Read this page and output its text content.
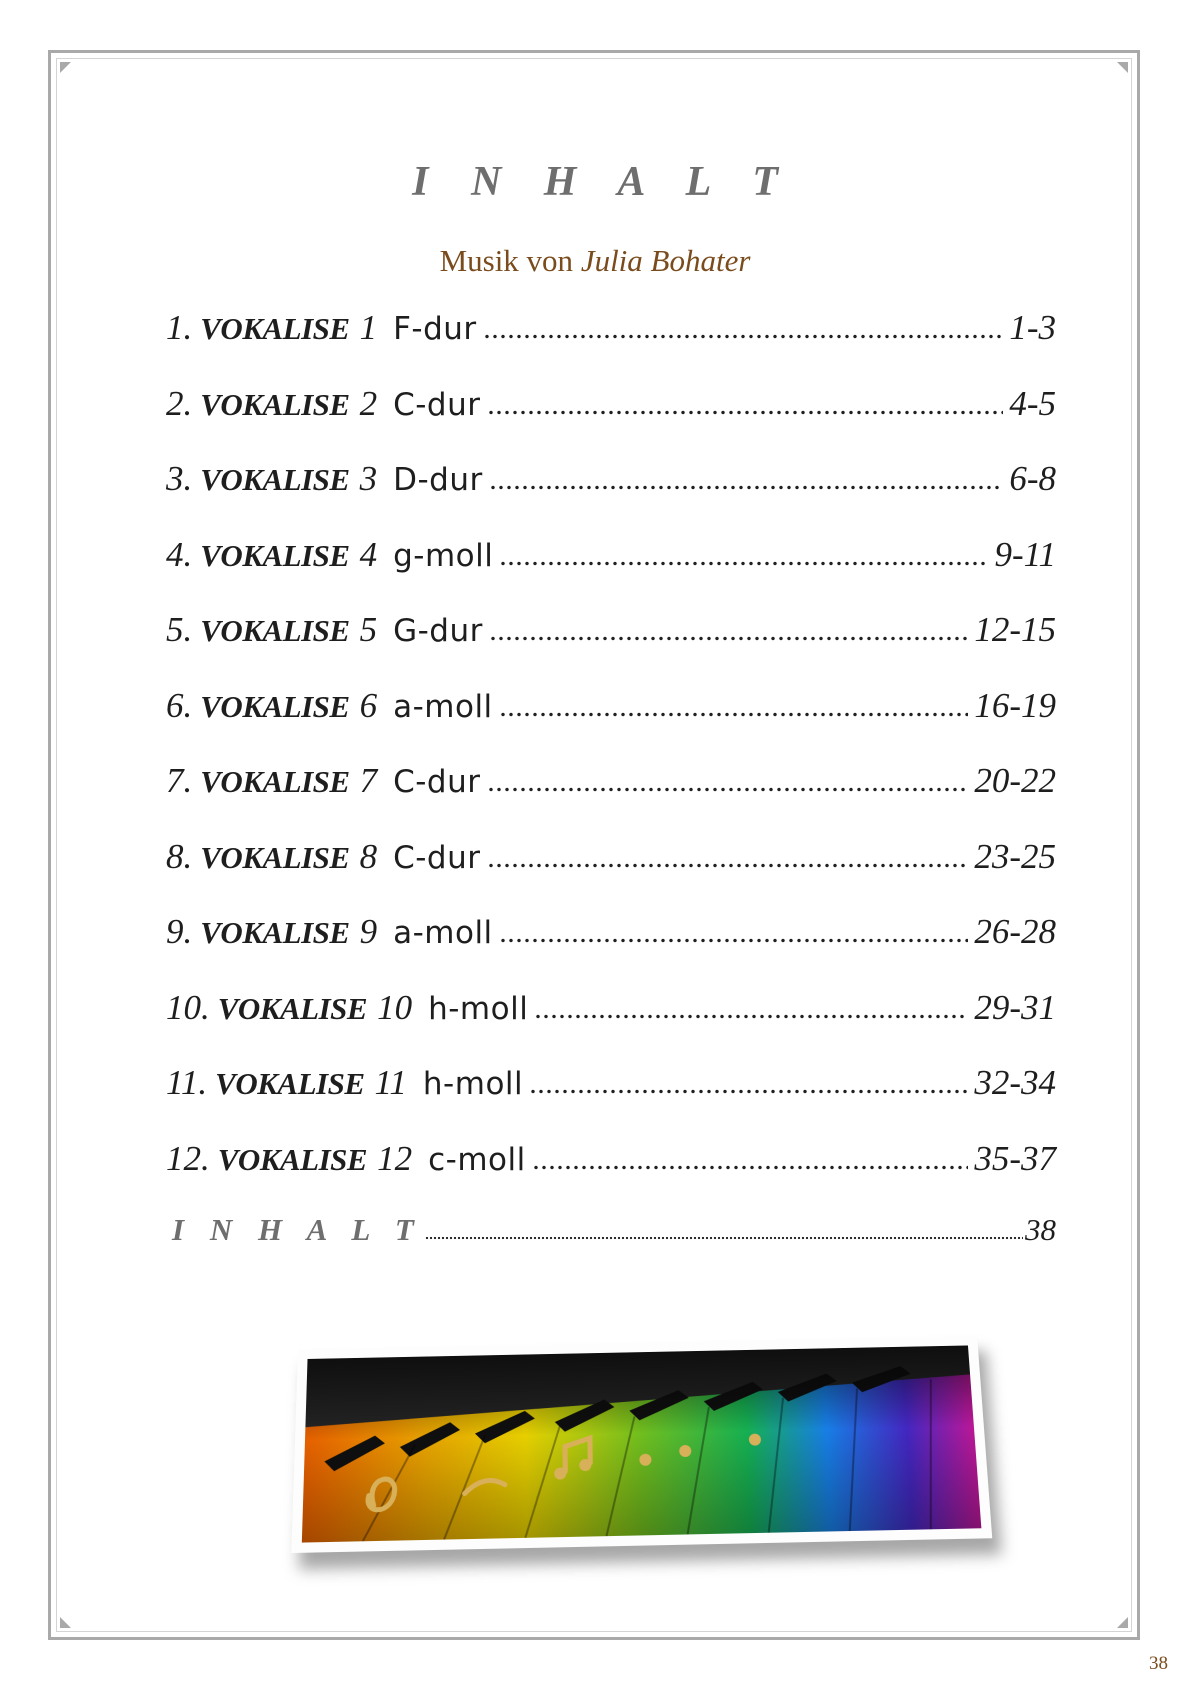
I N H A L T
Musik von Julia Bohater
1. VOKALISE 1 F-dur	1-3
2. VOKALISE 2 C-dur	4-5
3. VOKALISE 3 D-dur	6-8
4. VOKALISE 4 g-moll	9-11
5. VOKALISE 5 G-dur	12-15
6. VOKALISE 6 a-moll	16-19
7. VOKALISE 7 C-dur	20-22
8. VOKALISE 8 C-dur	23-25
9. VOKALISE 9 a-moll	26-28
10. VOKALISE 10 h-moll	29-31
11. VOKALISE 11 h-moll	32-34
12. VOKALISE 12 c-moll	35-37
I N H A L T	38
38
